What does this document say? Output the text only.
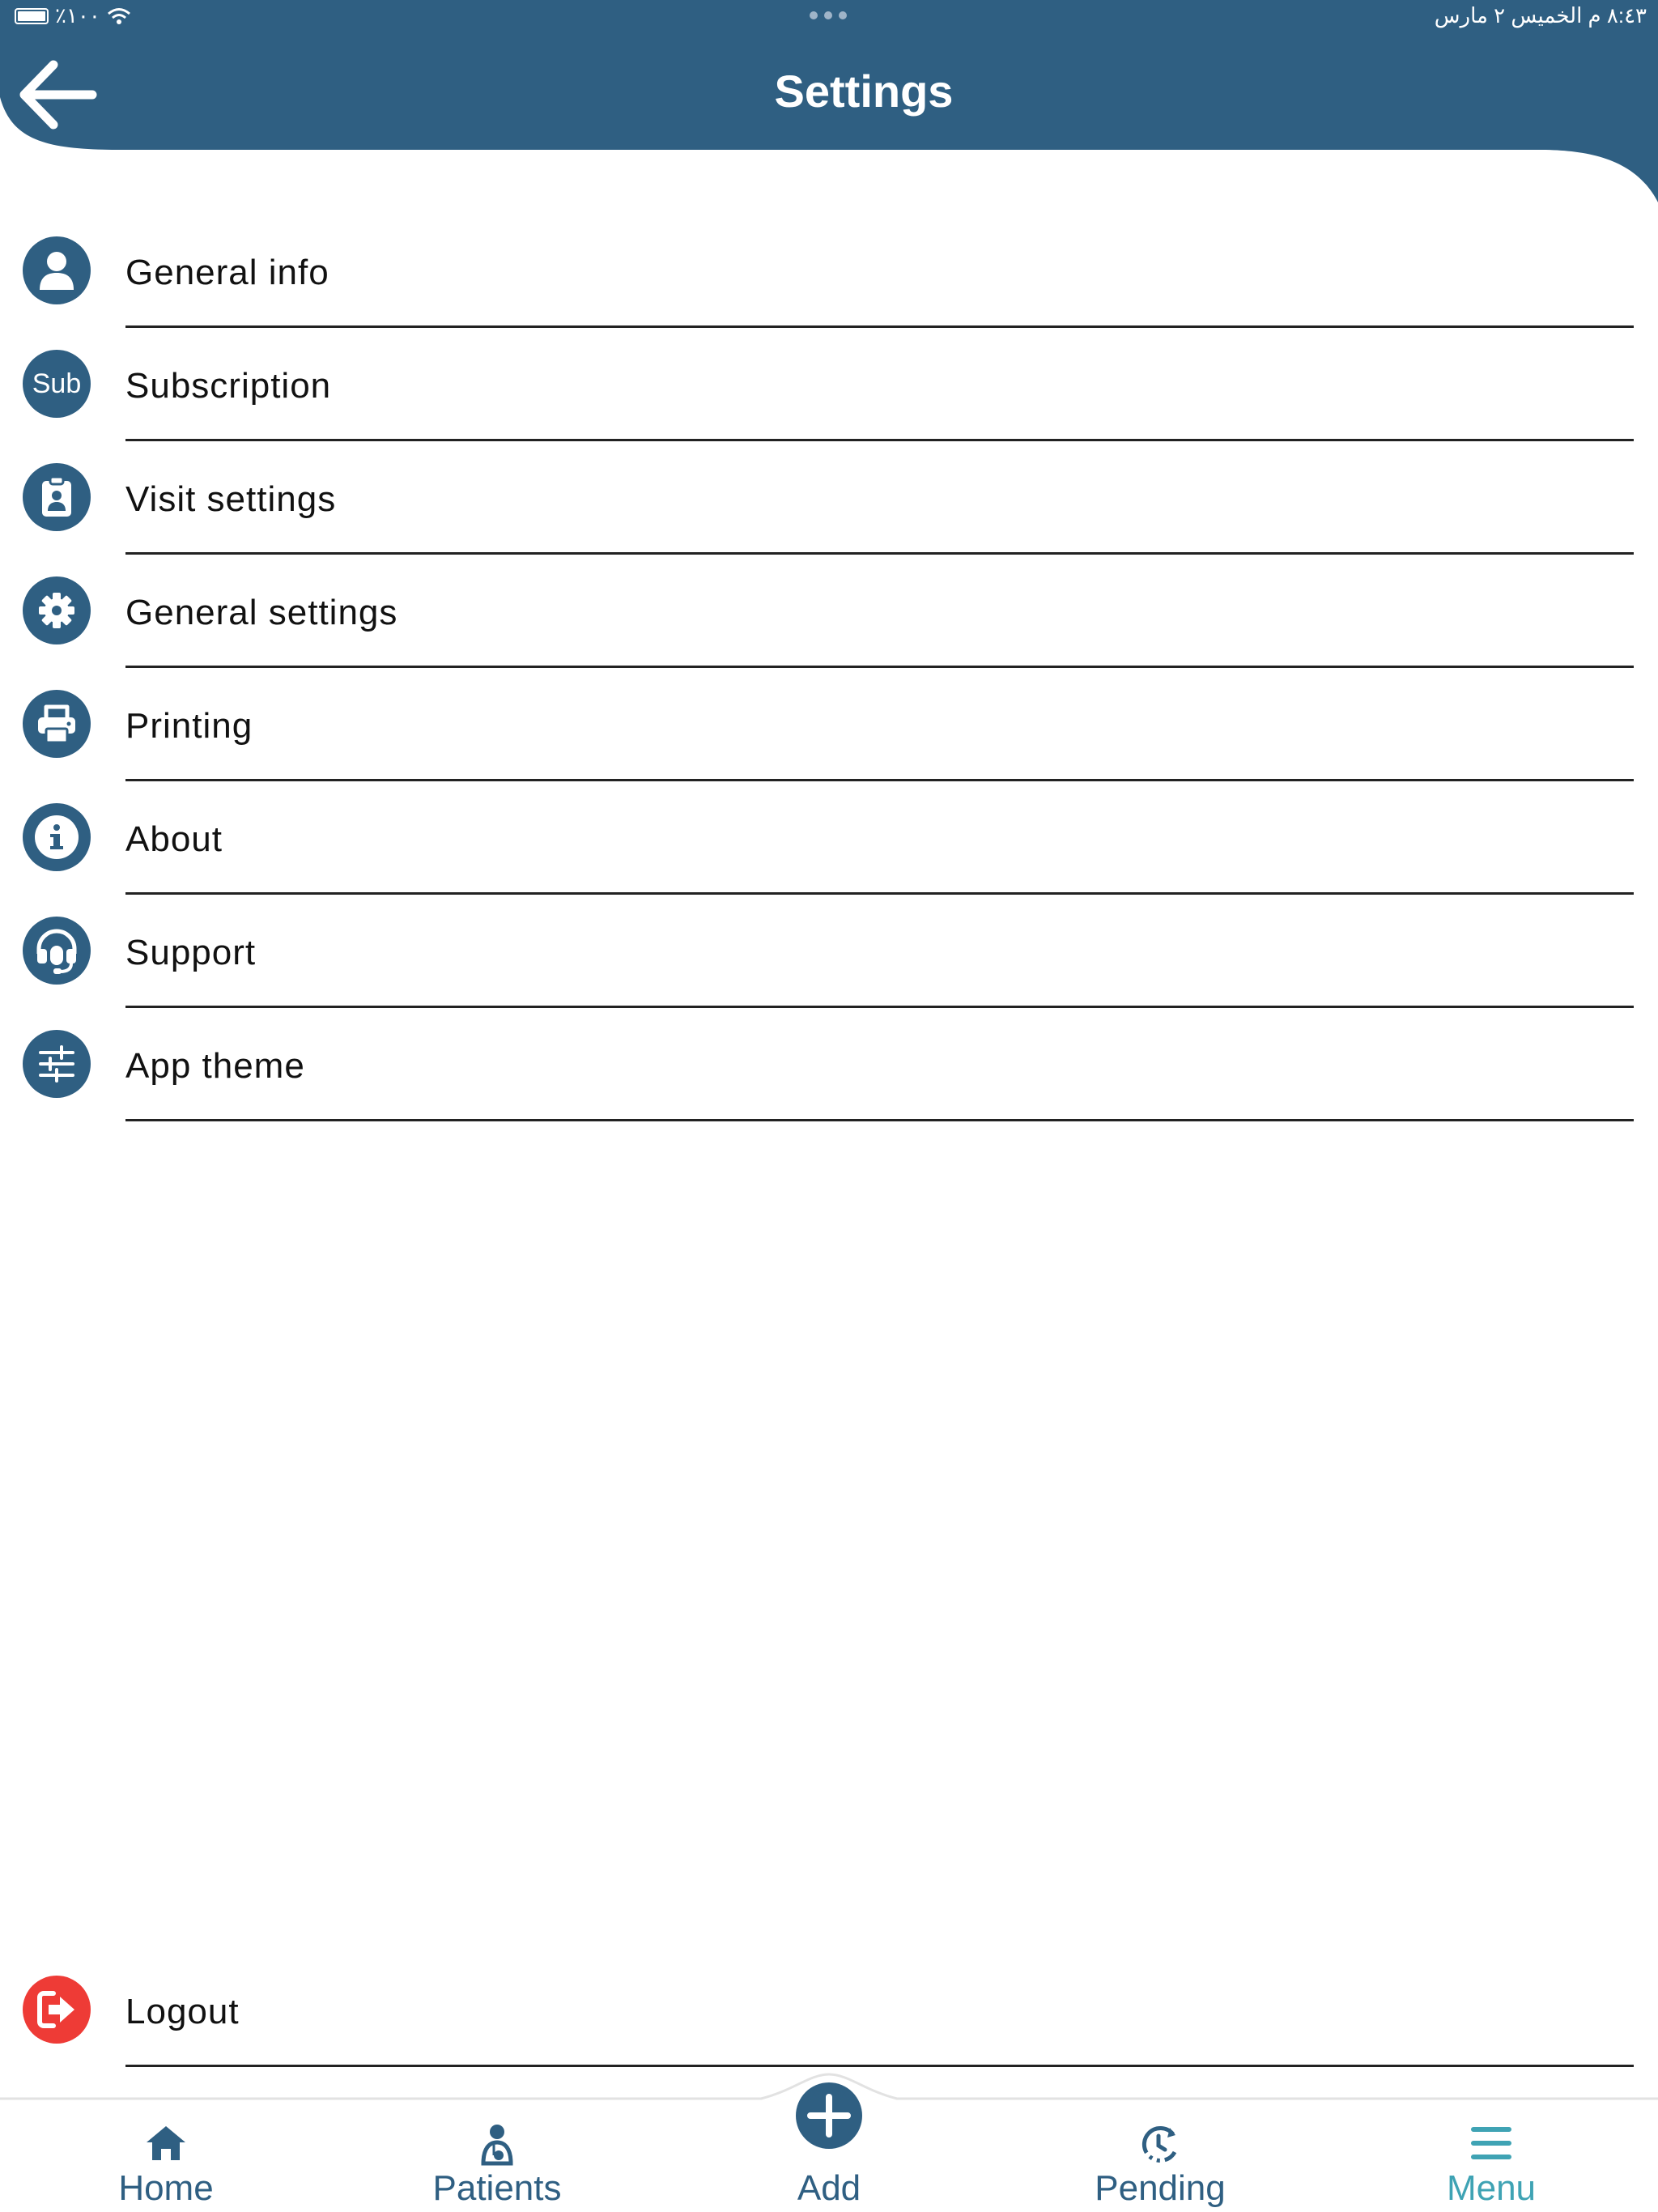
٪١٠٠	٨:٤٣ م الخميس ٢ مارس
Settings
General info
Sub Subscription
Visit settings
General settings
Printing
About
Support
App theme
Logout
Home	Patients	Add	Pending	Menu
